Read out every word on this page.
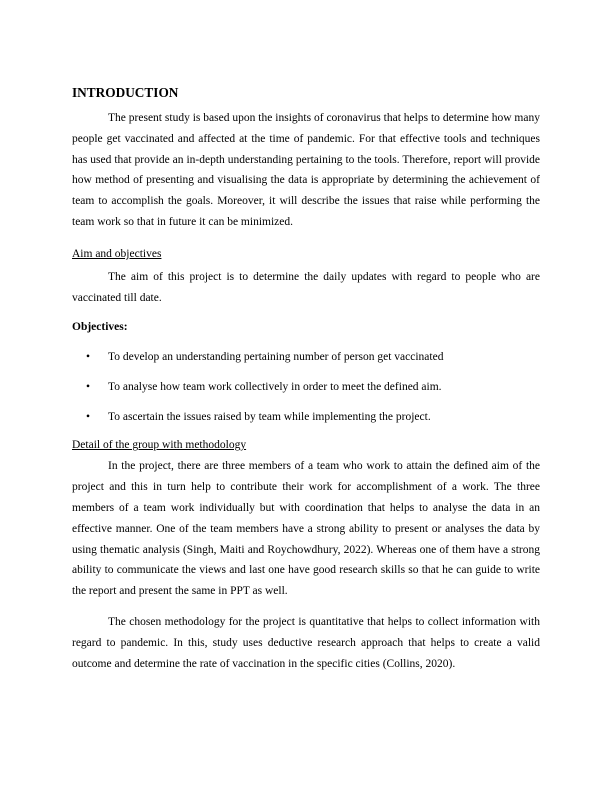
INTRODUCTION

The present study is based upon the insights of coronavirus that helps to determine how many people get vaccinated and affected at the time of pandemic. For that effective tools and techniques has used that provide an in-depth understanding pertaining to the tools. Therefore, report will provide how method of presenting and visualising the data is appropriate by determining the achievement of team to accomplish the goals. Moreover, it will describe the issues that raise while performing the team work so that in future it can be minimized.

Aim and objectives

The aim of this project is to determine the daily updates with regard to people who are vaccinated till date.

Objectives:
• To develop an understanding pertaining number of person get vaccinated
• To analyse how team work collectively in order to meet the defined aim.
• To ascertain the issues raised by team while implementing the project.
Detail of the group with methodology

In the project, there are three members of a team who work to attain the defined aim of the project and this in turn help to contribute their work for accomplishment of a work. The three members of a team work individually but with coordination that helps to analyse the data in an effective manner. One of the team members have a strong ability to present or analyses the data by using thematic analysis (Singh, Maiti and Roychowdhury, 2022). Whereas one of them have a strong ability to communicate the views and last one have good research skills so that he can guide to write the report and present the same in PPT as well.

The chosen methodology for the project is quantitative that helps to collect information with regard to pandemic. In this, study uses deductive research approach that helps to create a valid outcome and determine the rate of vaccination in the specific cities (Collins, 2020).
